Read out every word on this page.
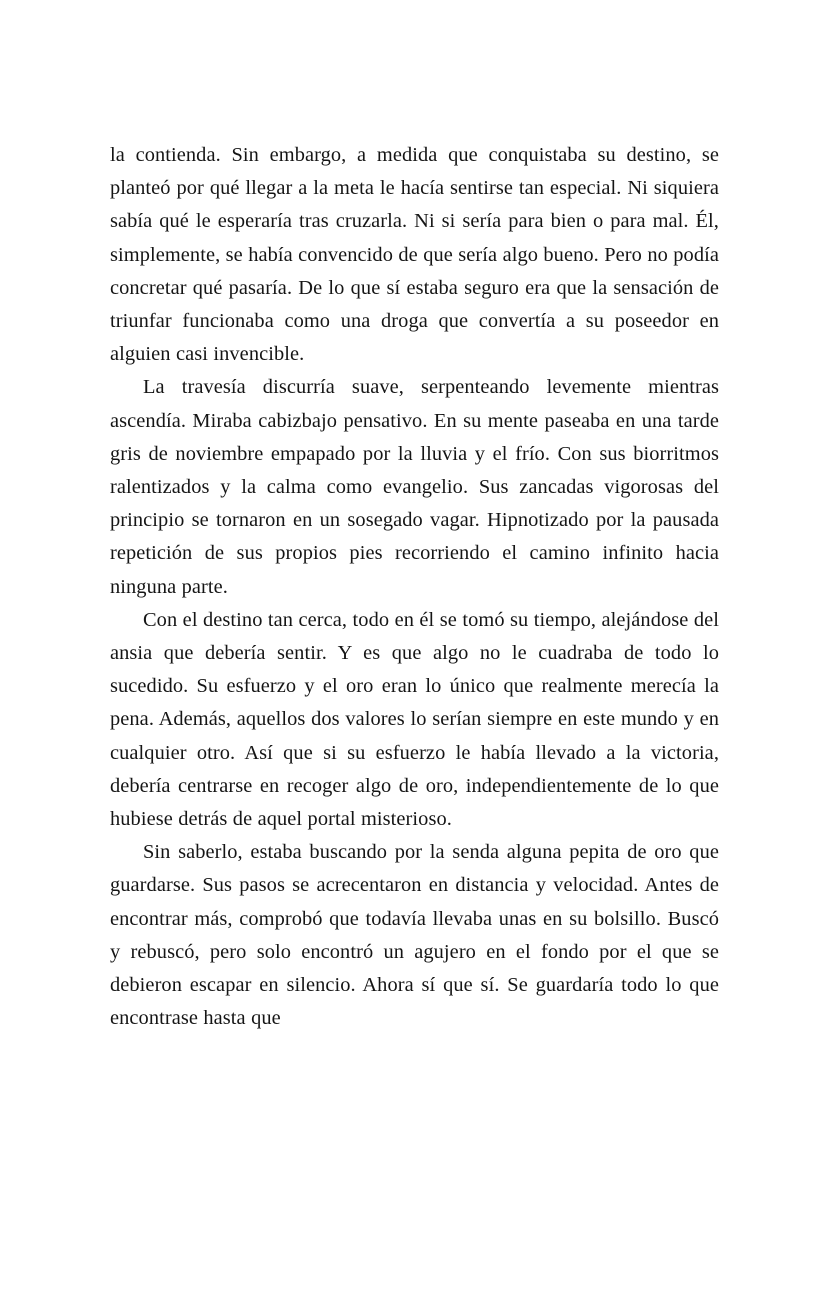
la contienda. Sin embargo, a medida que conquistaba su destino, se planteó por qué llegar a la meta le hacía sentirse tan especial. Ni siquiera sabía qué le esperaría tras cruzarla. Ni si sería para bien o para mal. Él, simplemente, se había convencido de que sería algo bueno. Pero no podía concretar qué pasaría. De lo que sí estaba seguro era que la sensación de triunfar funcionaba como una droga que convertía a su poseedor en alguien casi invencible.

La travesía discurría suave, serpenteando levemente mientras ascendía. Miraba cabizbajo pensativo. En su mente paseaba en una tarde gris de noviembre empapado por la lluvia y el frío. Con sus biorritmos ralentizados y la calma como evangelio. Sus zancadas vigorosas del principio se tornaron en un sosegado vagar. Hipnotizado por la pausada repetición de sus propios pies recorriendo el camino infinito hacia ninguna parte.

Con el destino tan cerca, todo en él se tomó su tiempo, alejándose del ansia que debería sentir. Y es que algo no le cuadraba de todo lo sucedido. Su esfuerzo y el oro eran lo único que realmente merecía la pena. Además, aquellos dos valores lo serían siempre en este mundo y en cualquier otro. Así que si su esfuerzo le había llevado a la victoria, debería centrarse en recoger algo de oro, independientemente de lo que hubiese detrás de aquel portal misterioso.

Sin saberlo, estaba buscando por la senda alguna pepita de oro que guardarse. Sus pasos se acrecentaron en distancia y velocidad. Antes de encontrar más, comprobó que todavía llevaba unas en su bolsillo. Buscó y rebuscó, pero solo encontró un agujero en el fondo por el que se debieron escapar en silencio. Ahora sí que sí. Se guardaría todo lo que encontrase hasta que
